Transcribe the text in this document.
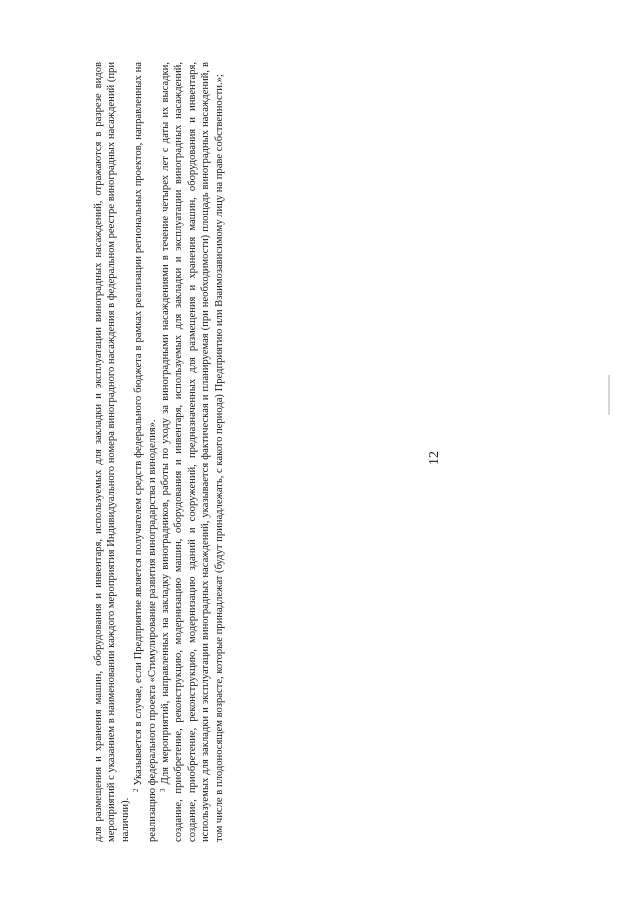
12

для размещения и хранения машин, оборудования и инвентаря, используемых для закладки и эксплуатации виноградных насаждений, отражаются в разрезе видов мероприятий с указанием в наименовании каждого мероприятия Индивидуального номера виноградного насаждения в федеральном реестре виноградных насаждений (при наличии).

$^2$ Указывается в случае, если Предприятие является получателем средств федерального бюджета в рамках реализации региональных проектов, направленных на реализацию федерального проекта «Стимулирование развития виноградарства и виноделия». $^3$ Для мероприятий, направленных на закладку виноградников, работы по уходу за виноградными насаждениями в течение четырех лет с даты их высадки, создание, приобретение, реконструкцию, модернизацию машин, оборудования и инвентаря, используемых для закладки и эксплуатации виноградных насаждений, создание, приобретение, реконструкцию, модернизацию зданий и сооружений, предназначенных для размещения и хранения машин, оборудования и инвентаря, используемых для закладки и эксплуатации виноградных насаждений, указывается фактическая и планируемая (при необходимости) площадь виноградных насаждений, в том числе в плодоносящем возрасте, которые принадлежат (будут принадлежать, с какого периода) Предприятию или Взаимозависимому лицу на праве собственности.»;
